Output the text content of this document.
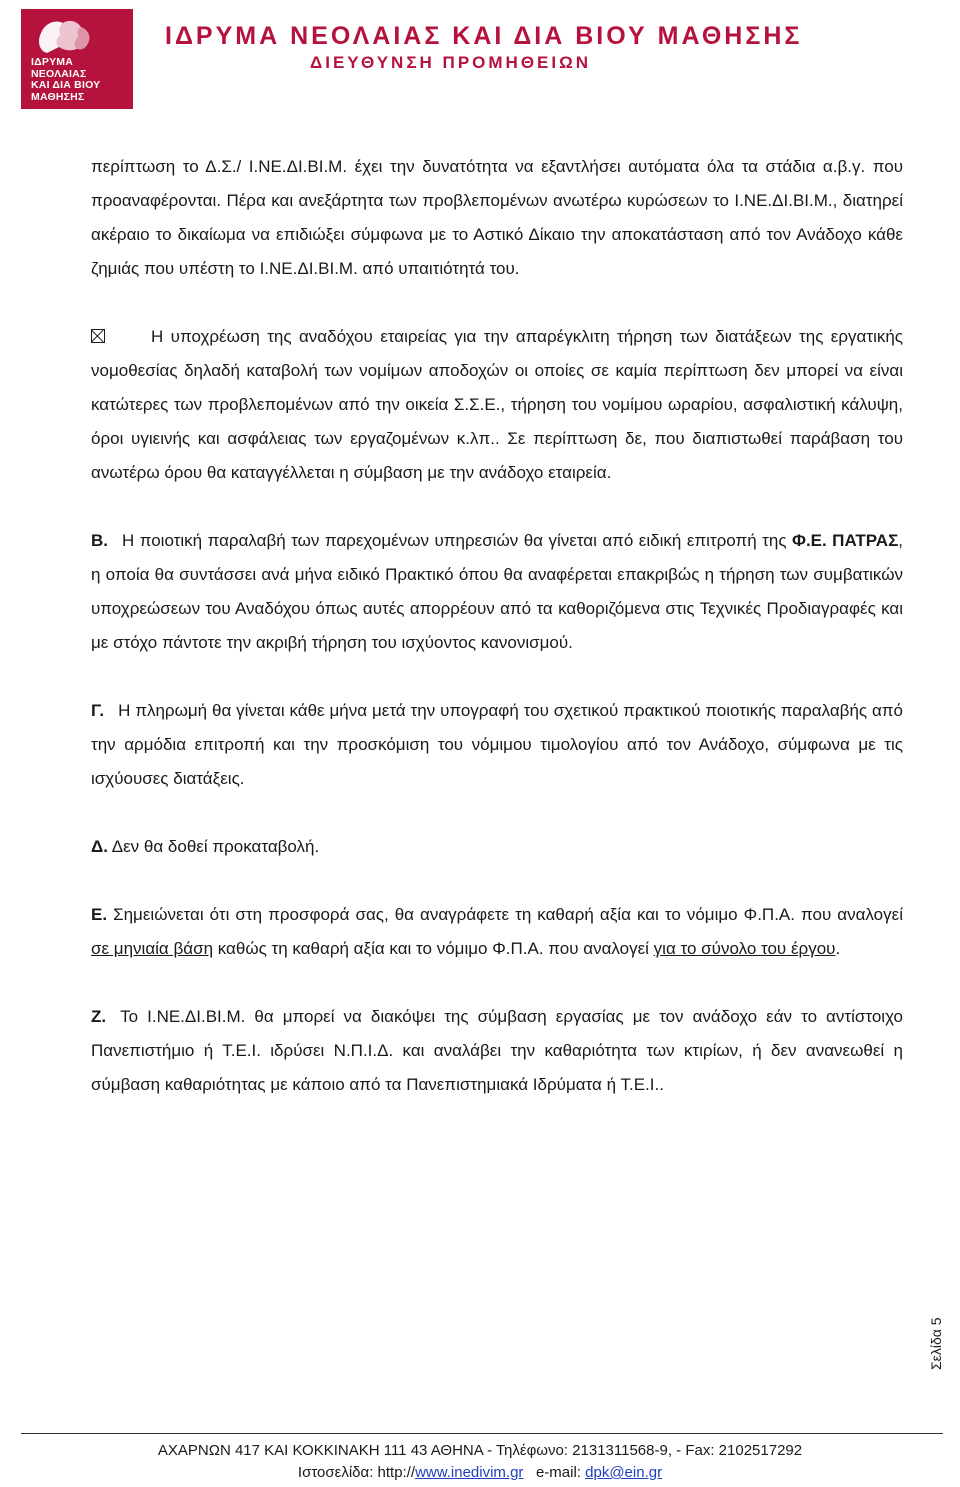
ΙΔΡΥΜΑ
ΝΕΟΛΑΙΑΣ
ΚΑΙ ΔΙΑ ΒΙΟΥ
ΜΑΘΗΣΗΣ
ΙΔΡΥΜΑ ΝΕΟΛΑΙΑΣ ΚΑΙ ΔΙΑ ΒΙΟΥ ΜΑΘΗΣΗΣ
ΔΙΕΥΘΥΝΣΗ ΠΡΟΜΗΘΕΙΩΝ

περίπτωση το Δ.Σ./ Ι.ΝΕ.ΔΙ.ΒΙ.Μ. έχει την δυνατότητα να εξαντλήσει αυτόματα όλα τα στάδια α.β.γ. που προαναφέρονται. Πέρα και ανεξάρτητα των προβλεπομένων ανωτέρω κυρώσεων το Ι.ΝΕ.ΔΙ.ΒΙ.Μ., διατηρεί ακέραιο το δικαίωμα να επιδιώξει σύμφωνα με το Αστικό Δίκαιο την αποκατάσταση από τον Ανάδοχο κάθε ζημιάς που υπέστη το Ι.ΝΕ.ΔΙ.ΒΙ.Μ. από υπαιτιότητά του.

Η υποχρέωση της αναδόχου εταιρείας για την απαρέγκλιτη τήρηση των διατάξεων της εργατικής νομοθεσίας δηλαδή καταβολή των νομίμων αποδοχών οι οποίες σε καμία περίπτωση δεν μπορεί να είναι κατώτερες των προβλεπομένων από την οικεία Σ.Σ.Ε., τήρηση του νομίμου ωραρίου, ασφαλιστική κάλυψη, όροι υγιεινής και ασφάλειας των εργαζομένων κ.λπ.. Σε περίπτωση δε, που διαπιστωθεί παράβαση του ανωτέρω όρου θα καταγγέλλεται η σύμβαση με την ανάδοχο εταιρεία.

Β. Η ποιοτική παραλαβή των παρεχομένων υπηρεσιών θα γίνεται από ειδική επιτροπή της Φ.Ε. ΠΑΤΡΑΣ, η οποία θα συντάσσει ανά μήνα ειδικό Πρακτικό όπου θα αναφέρεται επακριβώς η τήρηση των συμβατικών υποχρεώσεων του Αναδόχου όπως αυτές απορρέουν από τα καθοριζόμενα στις Τεχνικές Προδιαγραφές και με στόχο πάντοτε την ακριβή τήρηση του ισχύοντος κανονισμού.

Γ. Η πληρωμή θα γίνεται κάθε μήνα μετά την υπογραφή του σχετικού πρακτικού ποιοτικής παραλαβής από την αρμόδια επιτροπή και την προσκόμιση του νόμιμου τιμολογίου από τον Ανάδοχο, σύμφωνα με τις ισχύουσες διατάξεις.

Δ. Δεν θα δοθεί προκαταβολή.

Ε. Σημειώνεται ότι στη προσφορά σας, θα αναγράφετε τη καθαρή αξία και το νόμιμο Φ.Π.Α. που αναλογεί σε μηνιαία βάση καθώς τη καθαρή αξία και το νόμιμο Φ.Π.Α. που αναλογεί για το σύνολο του έργου.

Ζ. Το Ι.ΝΕ.ΔΙ.ΒΙ.Μ. θα μπορεί να διακόψει της σύμβαση εργασίας με τον ανάδοχο εάν το αντίστοιχο Πανεπιστήμιο ή Τ.Ε.Ι. ιδρύσει Ν.Π.Ι.Δ. και αναλάβει την καθαριότητα των κτιρίων, ή δεν ανανεωθεί η σύμβαση καθαριότητας με κάποιο από τα Πανεπιστημιακά Ιδρύματα ή Τ.Ε.Ι..

Σελίδα 5

ΑΧΑΡΝΩΝ 417 ΚΑΙ ΚΟΚΚΙΝΑΚΗ 111 43 ΑΘΗΝΑ - Τηλέφωνο: 2131311568-9, - Fax: 2102517292

Ιστοσελίδα: http://www.inedivim.gr e-mail: dpk@ein.gr
